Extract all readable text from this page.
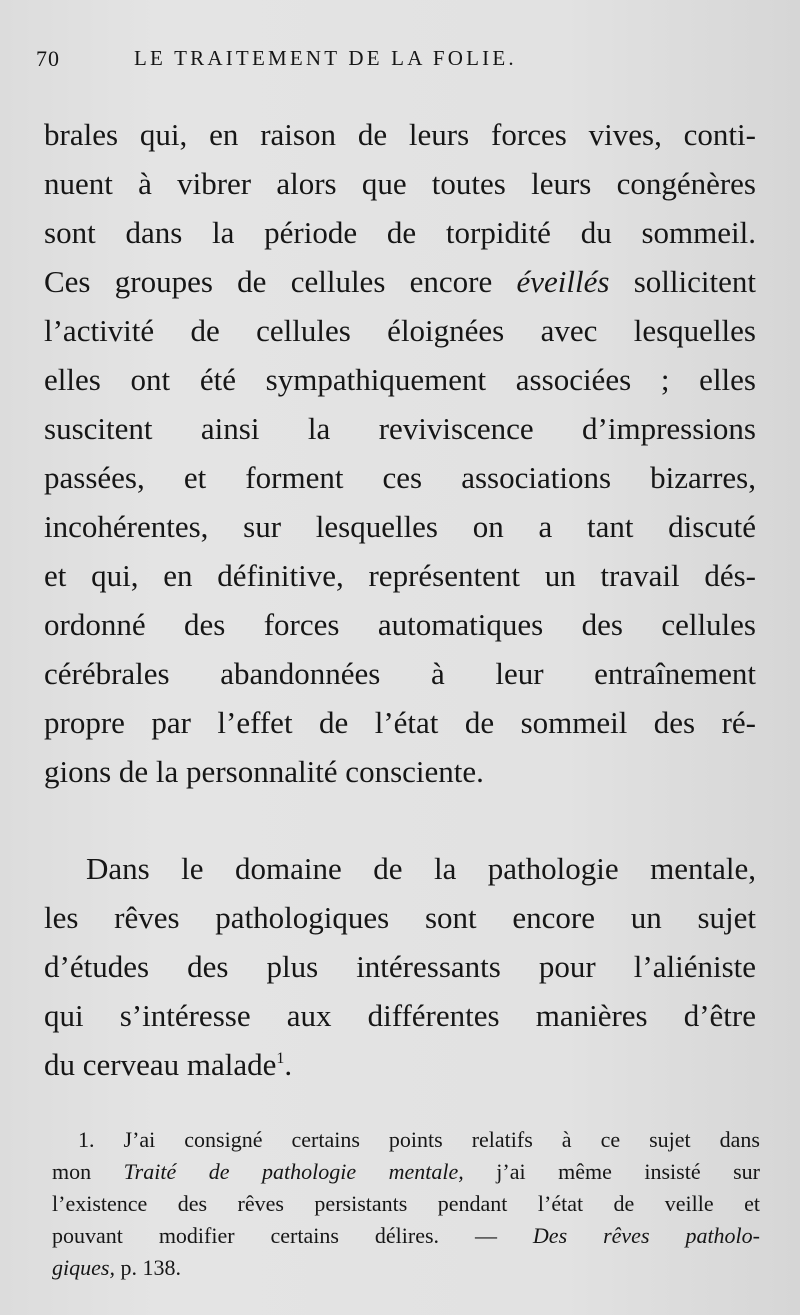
70	LE TRAITEMENT DE LA FOLIE.
brales qui, en raison de leurs forces vives, conti-
nuent à vibrer alors que toutes leurs congénères
sont dans la période de torpidité du sommeil.
Ces groupes de cellules encore éveillés sollicitent
l’activité de cellules éloignées avec lesquelles
elles ont été sympathiquement associées ; elles
suscitent ainsi la reviviscence d’impressions
passées, et forment ces associations bizarres,
incohérentes, sur lesquelles on a tant discuté
et qui, en définitive, représentent un travail dés-
ordonné des forces automatiques des cellules
cérébrales abandonnées à leur entraînement
propre par l’effet de l’état de sommeil des ré-
gions de la personnalité consciente.
Dans le domaine de la pathologie mentale,
les rêves pathologiques sont encore un sujet
d’études des plus intéressants pour l’aliéniste
qui s’intéresse aux différentes manières d’être
du cerveau malade$^1$.
1. J’ai consigné certains points relatifs à ce sujet dans
mon Traité de pathologie mentale, j’ai même insisté sur
l’existence des rêves persistants pendant l’état de veille et
pouvant modifier certains délires. — Des rêves patholo-
giques, p. 138.
